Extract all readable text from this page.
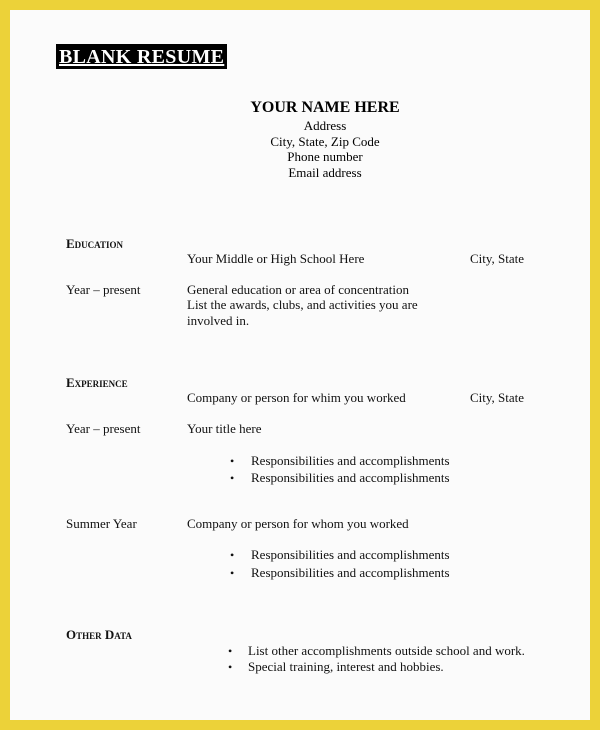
BLANK RESUME
YOUR NAME HERE
Address
City, State, Zip Code
Phone number
Email address
Education
Your Middle or High School Here	City, State
Year – present	General education or area of concentration
List the awards, clubs, and activities you are
involved in.
Experience
Company or person for whim you worked	City, State
Year – present	Your title here
• Responsibilities and accomplishments
• Responsibilities and accomplishments
Summer Year	Company or person for whom you worked
• Responsibilities and accomplishments
• Responsibilities and accomplishments
Other Data
• List other accomplishments outside school and work.
• Special training, interest and hobbies.
